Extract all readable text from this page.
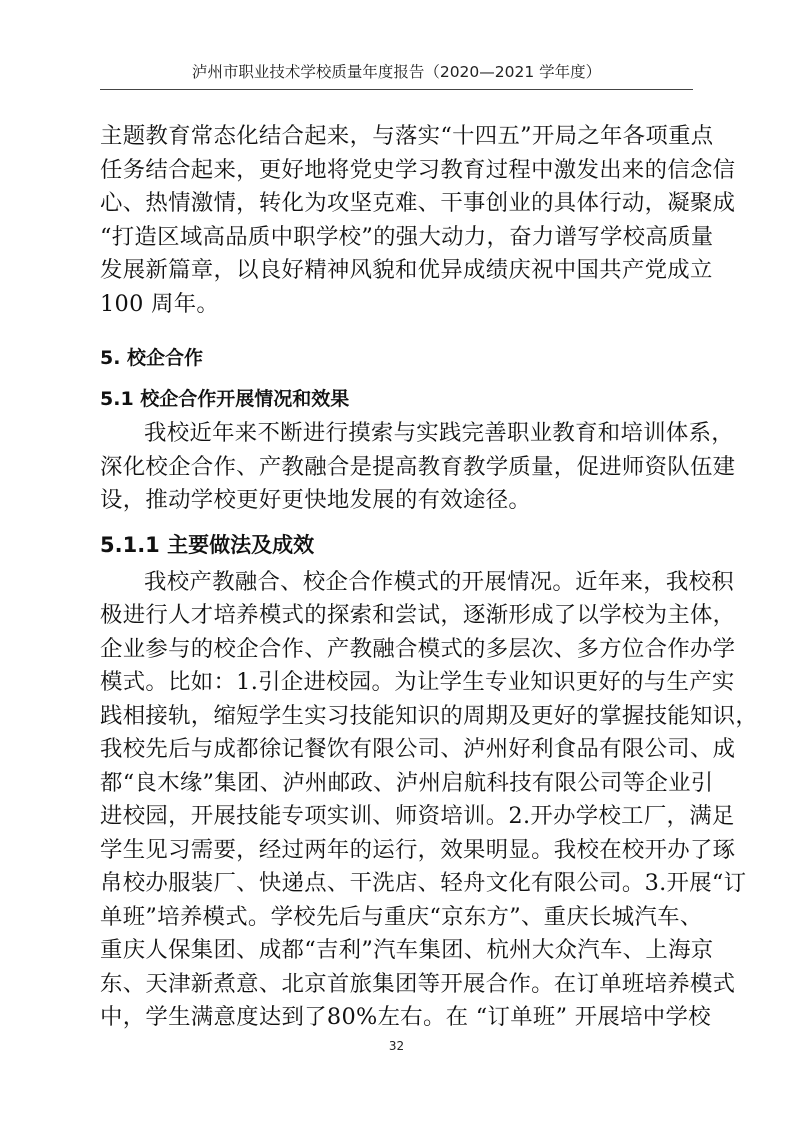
泸州市职业技术学校质量年度报告（2020—2021 学年度）
主题教育常态化结合起来，与落实“十四五”开局之年各项重点
任务结合起来，更好地将党史学习教育过程中激发出来的信念信
心、热情激情，转化为攻坚克难、干事创业的具体行动，凝聚成
“打造区域高品质中职学校”的强大动力，奋力谱写学校高质量
发展新篇章，以良好精神风貌和优异成绩庆祝中国共产党成立
100 周年。
5. 校企合作
5.1 校企合作开展情况和效果
我校近年来不断进行摸索与实践完善职业教育和培训体系，
深化校企合作、产教融合是提高教育教学质量，促进师资队伍建
设，推动学校更好更快地发展的有效途径。
5.1.1 主要做法及成效
我校产教融合、校企合作模式的开展情况。近年来，我校积
极进行人才培养模式的探索和尝试，逐渐形成了以学校为主体，
企业参与的校企合作、产教融合模式的多层次、多方位合作办学
模式。比如：1.引企进校园。为让学生专业知识更好的与生产实
践相接轨，缩短学生实习技能知识的周期及更好的掌握技能知识，
我校先后与成都徐记餐饮有限公司、泸州好利食品有限公司、成
都“良木缘”集团、泸州邮政、泸州启航科技有限公司等企业引
进校园，开展技能专项实训、师资培训。2.开办学校工厂，满足
学生见习需要，经过两年的运行，效果明显。我校在校开办了琢
帛校办服装厂、快递点、干洗店、轻舟文化有限公司。3.开展“订
单班”培养模式。学校先后与重庆“京东方”、重庆长城汽车、
重庆人保集团、成都“吉利”汽车集团、杭州大众汽车、上海京
东、天津新煮意、北京首旅集团等开展合作。在订单班培养模式
中，学生满意度达到了80%左右。在 “订单班” 开展培中学校
32
